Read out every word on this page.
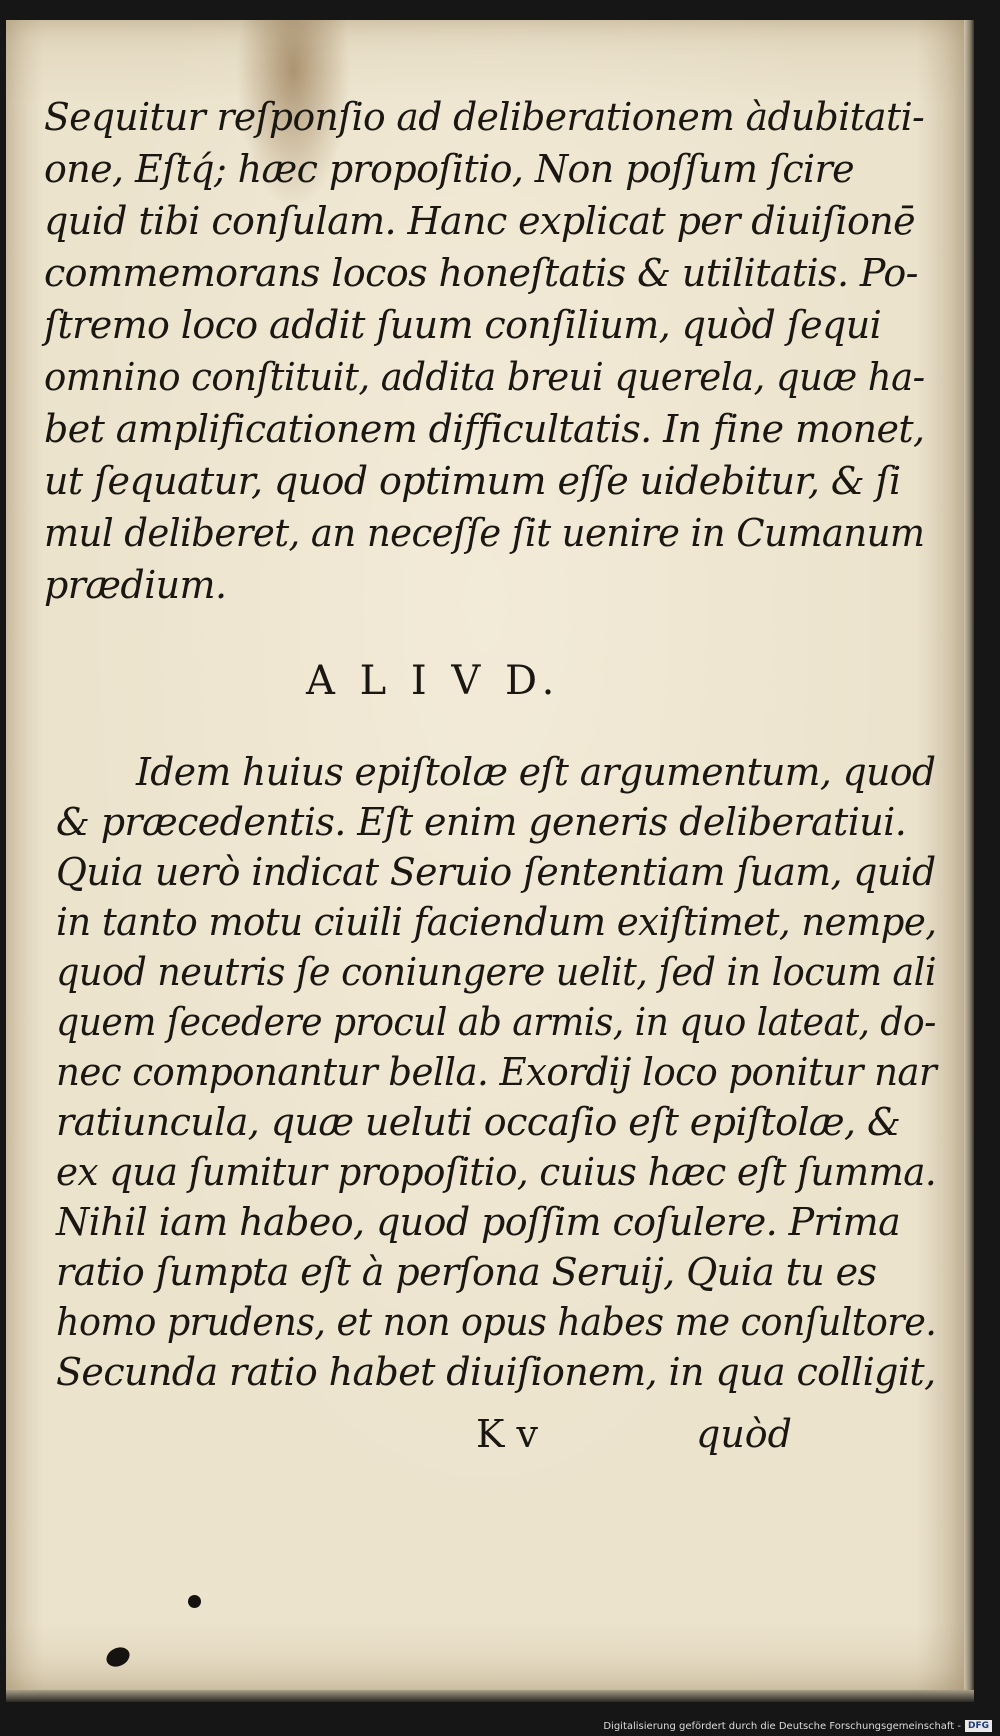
Sequitur reſponſio ad deliberationem àdubitati-
one, Eſtq́; hæc propoſitio, Non poſſum ſcire
quid tibi conſulam. Hanc explicat per diuiſionē
commemorans locos honeſtatis & utilitatis. Po-
ſtremo loco addit ſuum conſilium, quòd ſequi
omnino conſtituit, addita breui querela, quæ ha-
bet amplificationem difficultatis. In fine monet,
ut ſequatur, quod optimum eſſe uidebitur, & ſi
mul deliberet, an neceſſe ſit uenire in Cumanum
prædium.
A L I V D.
Idem huius epiſtolæ eſt argumentum, quod
& præcedentis. Eſt enim generis deliberatiui.
Quia uerò indicat Seruio ſententiam ſuam, quid
in tanto motu ciuili faciendum exiſtimet, nempe,
quod neutris ſe coniungere uelit, ſed in locum ali
quem ſecedere procul ab armis, in quo lateat, do-
nec componantur bella. Exordij loco ponitur nar
ratiuncula, quæ ueluti occaſio eſt epiſtolæ, &
ex qua ſumitur propoſitio, cuius hæc eſt ſumma.
Nihil iam habeo, quod poſſim coſulere. Prima
ratio ſumpta eſt à perſona Seruij, Quia tu es
homo prudens, et non opus habes me conſultore.
Secunda ratio habet diuiſionem, in qua colligit,
K v	quòd
Digitalisierung gefördert durch die Deutsche Forschungsgemeinschaft - DFG
